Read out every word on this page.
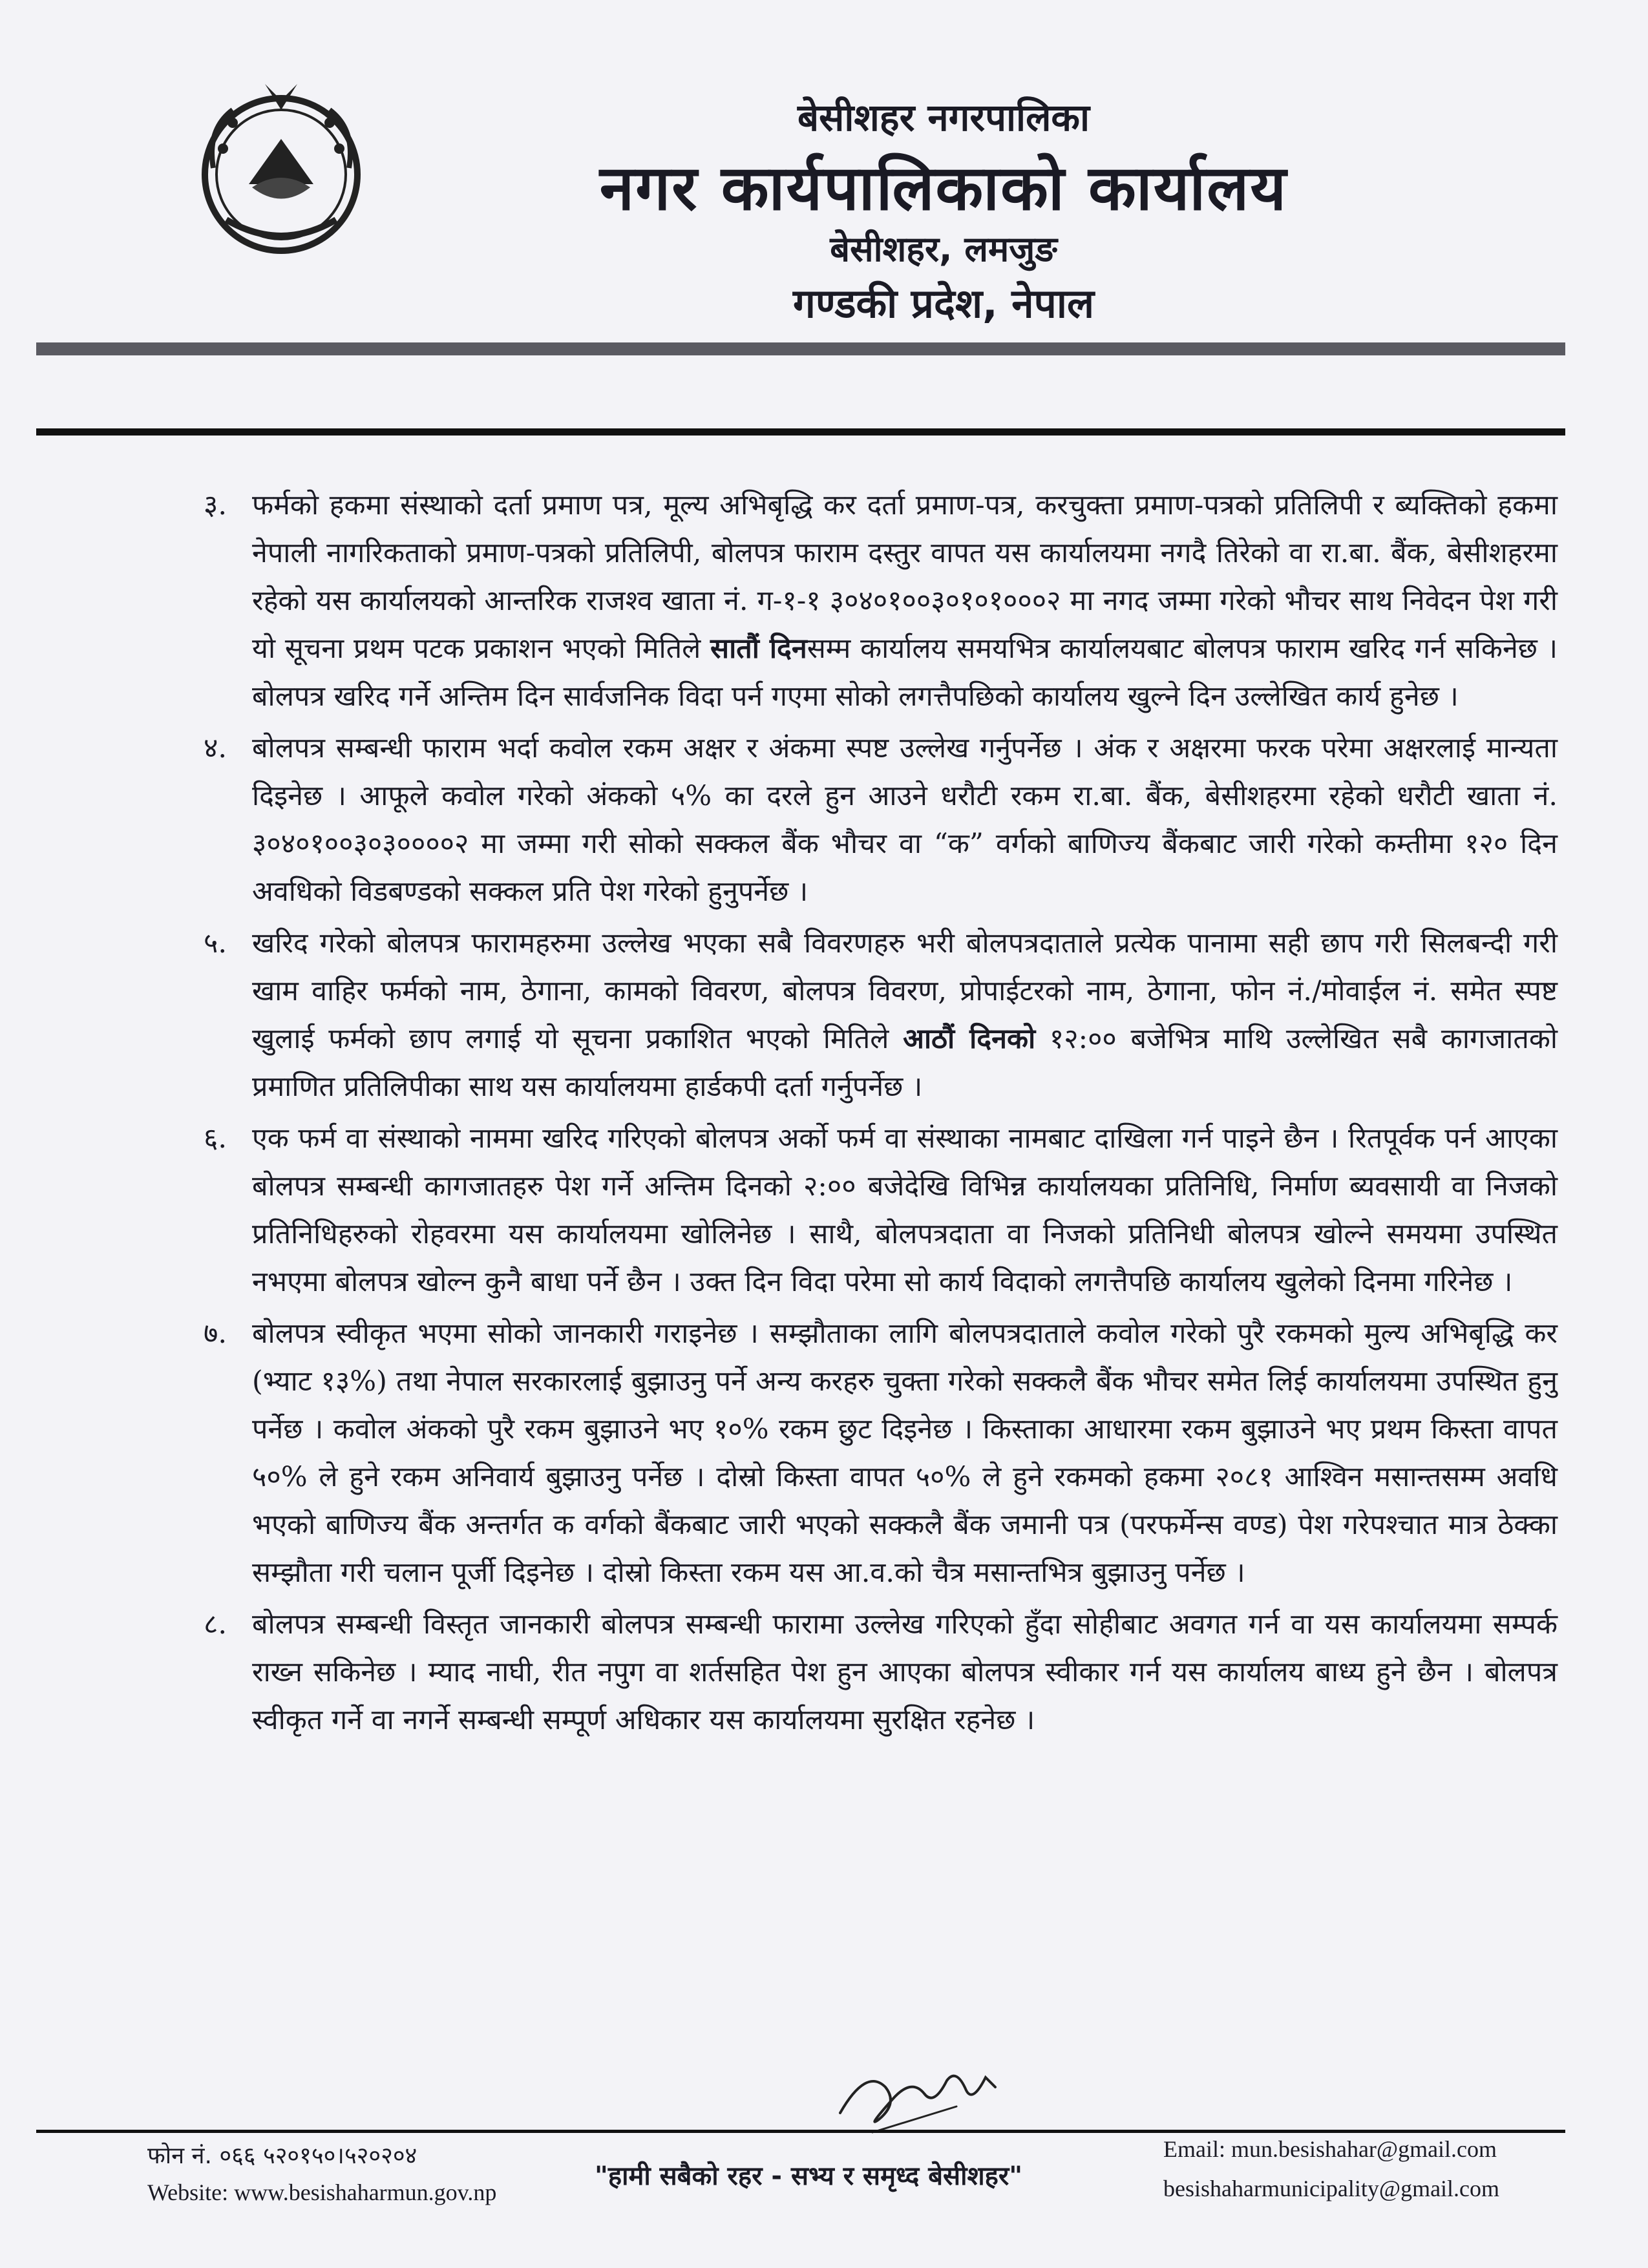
बेसीशहर नगरपालिका
नगर कार्यपालिकाको कार्यालय
बेसीशहर, लमजुङ
गण्डकी प्रदेश, नेपाल
३. फर्मको हकमा संस्थाको दर्ता प्रमाण पत्र, मूल्य अभिबृद्धि कर दर्ता प्रमाण-पत्र, करचुक्ता प्रमाण-पत्रको प्रतिलिपी र ब्यक्तिको हकमा नेपाली नागरिकताको प्रमाण-पत्रको प्रतिलिपी, बोलपत्र फाराम दस्तुर वापत यस कार्यालयमा नगदै तिरेको वा रा.बा. बैंक, बेसीशहरमा रहेको यस कार्यालयको आन्तरिक राजश्व खाता नं. ग-१-१ ३०४०१००३०१०१०००२ मा नगद जम्मा गरेको भौचर साथ निवेदन पेश गरी यो सूचना प्रथम पटक प्रकाशन भएको मितिले सातौं दिनसम्म कार्यालय समयभित्र कार्यालयबाट बोलपत्र फाराम खरिद गर्न सकिनेछ । बोलपत्र खरिद गर्ने अन्तिम दिन सार्वजनिक विदा पर्न गएमा सोको लगत्तैपछिको कार्यालय खुल्ने दिन उल्लेखित कार्य हुनेछ ।
४. बोलपत्र सम्बन्धी फाराम भर्दा कवोल रकम अक्षर र अंकमा स्पष्ट उल्लेख गर्नुपर्नेछ । अंक र अक्षरमा फरक परेमा अक्षरलाई मान्यता दिइनेछ । आफूले कवोल गरेको अंकको ५% का दरले हुन आउने धरौटी रकम रा.बा. बैंक, बेसीशहरमा रहेको धरौटी खाता नं. ३०४०१००३०३००००२ मा जम्मा गरी सोको सक्कल बैंक भौचर वा “क” वर्गको बाणिज्य बैंकबाट जारी गरेको कम्तीमा १२० दिन अवधिको विडबण्डको सक्कल प्रति पेश गरेको हुनुपर्नेछ ।
५. खरिद गरेको बोलपत्र फारामहरुमा उल्लेख भएका सबै विवरणहरु भरी बोलपत्रदाताले प्रत्येक पानामा सही छाप गरी सिलबन्दी गरी खाम वाहिर फर्मको नाम, ठेगाना, कामको विवरण, बोलपत्र विवरण, प्रोपाईटरको नाम, ठेगाना, फोन नं./मोवाईल नं. समेत स्पष्ट खुलाई फर्मको छाप लगाई यो सूचना प्रकाशित भएको मितिले आठौं दिनको १२:०० बजेभित्र माथि उल्लेखित सबै कागजातको प्रमाणित प्रतिलिपीका साथ यस कार्यालयमा हार्डकपी दर्ता गर्नुपर्नेछ ।
६. एक फर्म वा संस्थाको नाममा खरिद गरिएको बोलपत्र अर्को फर्म वा संस्थाका नामबाट दाखिला गर्न पाइने छैन । रितपूर्वक पर्न आएका बोलपत्र सम्बन्धी कागजातहरु पेश गर्ने अन्तिम दिनको २:०० बजेदेखि विभिन्न कार्यालयका प्रतिनिधि, निर्माण ब्यवसायी वा निजको प्रतिनिधिहरुको रोहवरमा यस कार्यालयमा खोलिनेछ । साथै, बोलपत्रदाता वा निजको प्रतिनिधी बोलपत्र खोल्ने समयमा उपस्थित नभएमा बोलपत्र खोल्न कुनै बाधा पर्ने छैन । उक्त दिन विदा परेमा सो कार्य विदाको लगत्तैपछि कार्यालय खुलेको दिनमा गरिनेछ ।
७. बोलपत्र स्वीकृत भएमा सोको जानकारी गराइनेछ । सम्झौताका लागि बोलपत्रदाताले कवोल गरेको पुरै रकमको मुल्य अभिबृद्धि कर (भ्याट १३%) तथा नेपाल सरकारलाई बुझाउनु पर्ने अन्य करहरु चुक्ता गरेको सक्कलै बैंक भौचर समेत लिई कार्यालयमा उपस्थित हुनु पर्नेछ । कवोल अंकको पुरै रकम बुझाउने भए १०% रकम छुट दिइनेछ । किस्ताका आधारमा रकम बुझाउने भए प्रथम किस्ता वापत ५०% ले हुने रकम अनिवार्य बुझाउनु पर्नेछ । दोस्रो किस्ता वापत ५०% ले हुने रकमको हकमा २०८१ आश्विन मसान्तसम्म अवधि भएको बाणिज्य बैंक अन्तर्गत क वर्गको बैंकबाट जारी भएको सक्कलै बैंक जमानी पत्र (परफर्मेन्स वण्ड) पेश गरेपश्चात मात्र ठेक्का सम्झौता गरी चलान पूर्जी दिइनेछ । दोस्रो किस्ता रकम यस आ.व.को चैत्र मसान्तभित्र बुझाउनु पर्नेछ ।
८. बोलपत्र सम्बन्धी विस्तृत जानकारी बोलपत्र सम्बन्धी फारामा उल्लेख गरिएको हुँदा सोहीबाट अवगत गर्न वा यस कार्यालयमा सम्पर्क राख्न सकिनेछ । म्याद नाघी, रीत नपुग वा शर्तसहित पेश हुन आएका बोलपत्र स्वीकार गर्न यस कार्यालय बाध्य हुने छैन । बोलपत्र स्वीकृत गर्ने वा नगर्ने सम्बन्धी सम्पूर्ण अधिकार यस कार्यालयमा सुरक्षित रहनेछ ।
फोन नं. ०६६ ५२०१५०।५२०२०४
Website: www.besishaharmun.gov.np
"हामी सबैको रहर - सभ्य र समृध्द बेसीशहर"
Email: mun.besishahar@gmail.com
besishaharmunicipality@gmail.com
